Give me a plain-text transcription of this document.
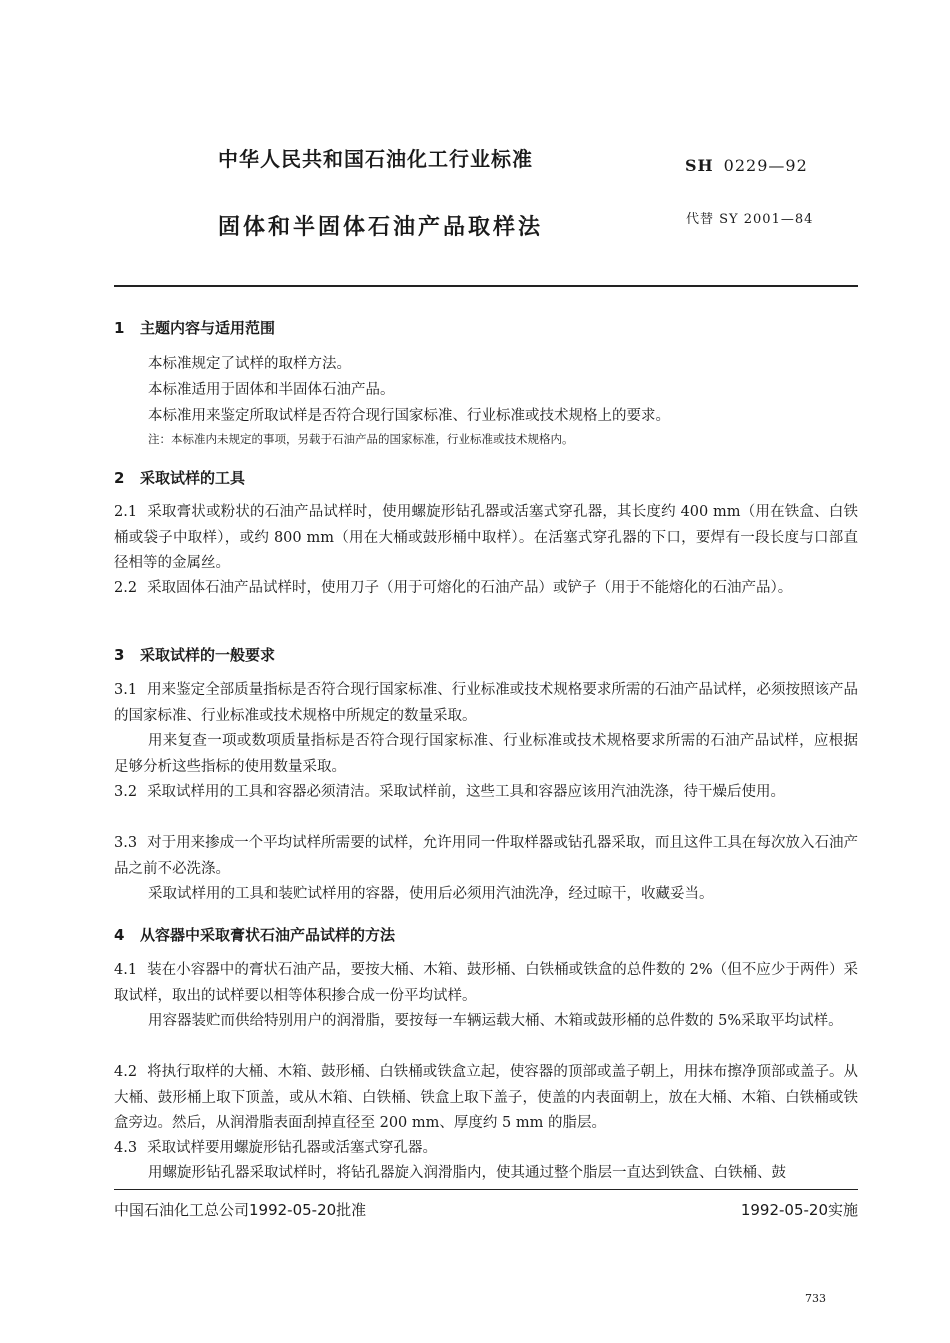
中华人民共和国石油化工行业标准	SH 0229—92
固体和半固体石油产品取样法	代替 SY 2001—84
1 主题内容与适用范围
本标准规定了试样的取样方法。
本标准适用于固体和半固体石油产品。
本标准用来鉴定所取试样是否符合现行国家标准、行业标准或技术规格上的要求。
注：本标准内未规定的事项，另载于石油产品的国家标准，行业标准或技术规格内。
2 采取试样的工具
2.1 采取膏状或粉状的石油产品试样时，使用螺旋形钻孔器或活塞式穿孔器，其长度约 400 mm（用在铁盒、白铁桶或袋子中取样），或约 800 mm（用在大桶或鼓形桶中取样）。在活塞式穿孔器的下口，要焊有一段长度与口部直径相等的金属丝。
2.2 采取固体石油产品试样时，使用刀子（用于可熔化的石油产品）或铲子（用于不能熔化的石油产品）。
3 采取试样的一般要求
3.1 用来鉴定全部质量指标是否符合现行国家标准、行业标准或技术规格要求所需的石油产品试样，必须按照该产品的国家标准、行业标准或技术规格中所规定的数量采取。
用来复查一项或数项质量指标是否符合现行国家标准、行业标准或技术规格要求所需的石油产品试样，应根据足够分析这些指标的使用数量采取。
3.2 采取试样用的工具和容器必须清洁。采取试样前，这些工具和容器应该用汽油洗涤，待干燥后使用。
3.3 对于用来掺成一个平均试样所需要的试样，允许用同一件取样器或钻孔器采取，而且这件工具在每次放入石油产品之前不必洗涤。
采取试样用的工具和装贮试样用的容器，使用后必须用汽油洗净，经过晾干，收藏妥当。
4 从容器中采取膏状石油产品试样的方法
4.1 装在小容器中的膏状石油产品，要按大桶、木箱、鼓形桶、白铁桶或铁盒的总件数的 2%（但不应少于两件）采取试样，取出的试样要以相等体积掺合成一份平均试样。
用容器装贮而供给特别用户的润滑脂，要按每一车辆运载大桶、木箱或鼓形桶的总件数的 5%采取平均试样。
4.2 将执行取样的大桶、木箱、鼓形桶、白铁桶或铁盒立起，使容器的顶部或盖子朝上，用抹布擦净顶部或盖子。从大桶、鼓形桶上取下顶盖，或从木箱、白铁桶、铁盒上取下盖子，使盖的内表面朝上，放在大桶、木箱、白铁桶或铁盒旁边。然后，从润滑脂表面刮掉直径至 200 mm、厚度约 5 mm 的脂层。
4.3 采取试样要用螺旋形钻孔器或活塞式穿孔器。
用螺旋形钻孔器采取试样时，将钻孔器旋入润滑脂内，使其通过整个脂层一直达到铁盒、白铁桶、鼓
中国石油化工总公司1992-05-20批准	1992-05-20实施
733
